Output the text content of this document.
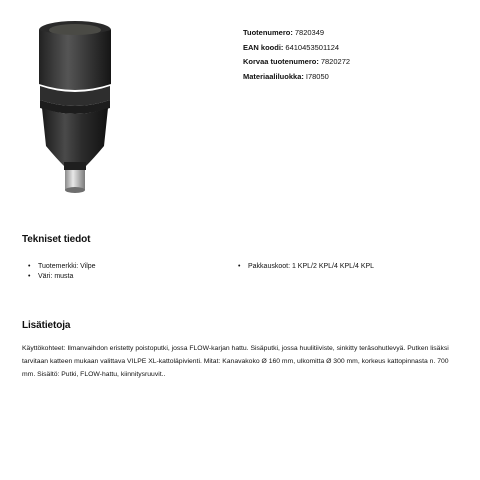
Tuotenumero: 7820349
EAN koodi: 6410453501124
Korvaa tuotenumero: 7820272
Materiaaliluokka: I78050
Tekniset tiedot
• Tuotemerkki: Vilpe
• Väri: musta
• Pakkauskoot: 1 KPL/2 KPL/4 KPL/4 KPL
Lisätietoja
Käyttökohteet: Ilmanvaihdon eristetty poistoputki, jossa FLOW-karjan hattu. Sisäputki, jossa huulitiiviste, sinkitty teräsohutlevyä. Putken lisäksi tarvitaan katteen mukaan valittava VILPE XL-kattoläpivienti. Mitat: Kanavakoko Ø 160 mm, ulkomitta Ø 300 mm, korkeus kattopinnasta n. 700 mm. Sisältö: Putki, FLOW-hattu, kiinnitysruuvit..
